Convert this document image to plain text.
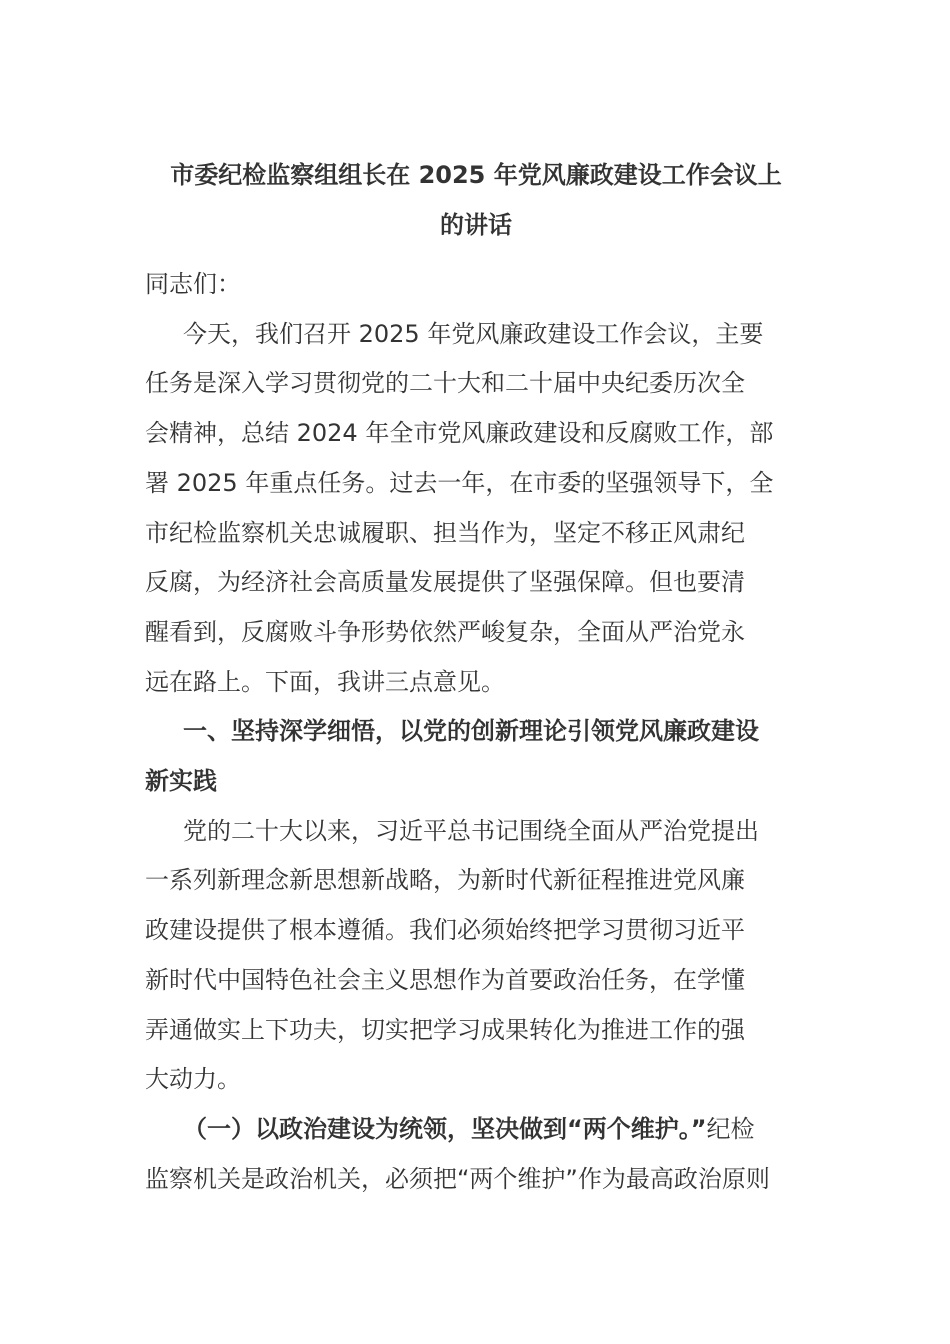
市委纪检监察组组长在 2025 年党风廉政建设工作会议上
的讲话

同志们：

今天，我们召开 2025 年党风廉政建设工作会议，主要
任务是深入学习贯彻党的二十大和二十届中央纪委历次全
会精神，总结 2024 年全市党风廉政建设和反腐败工作，部
署 2025 年重点任务。过去一年，在市委的坚强领导下，全
市纪检监察机关忠诚履职、担当作为，坚定不移正风肃纪
反腐，为经济社会高质量发展提供了坚强保障。但也要清
醒看到，反腐败斗争形势依然严峻复杂，全面从严治党永
远在路上。下面，我讲三点意见。

一、坚持深学细悟，以党的创新理论引领党风廉政建设
新实践

党的二十大以来，习近平总书记围绕全面从严治党提出
一系列新理念新思想新战略，为新时代新征程推进党风廉
政建设提供了根本遵循。我们必须始终把学习贯彻习近平
新时代中国特色社会主义思想作为首要政治任务，在学懂
弄通做实上下功夫，切实把学习成果转化为推进工作的强
大动力。

（一）以政治建设为统领，坚决做到“两个维护。”纪检
监察机关是政治机关，必须把“两个维护”作为最高政治原则
